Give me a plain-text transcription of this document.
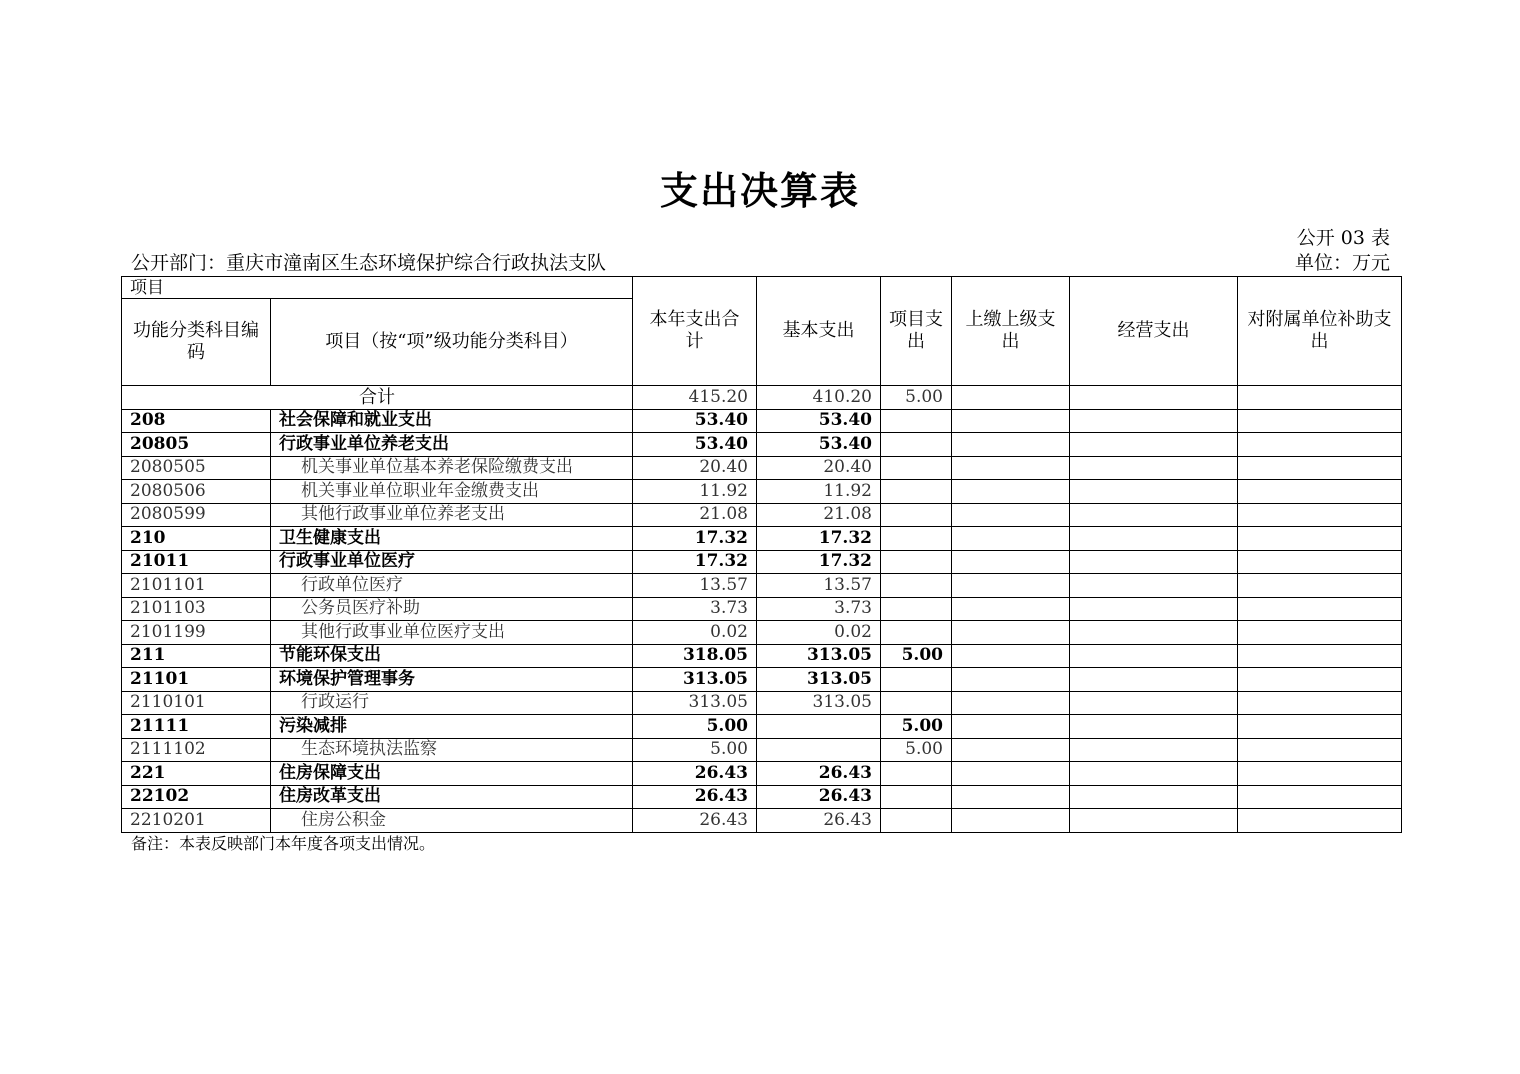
支出决算表
公开 03 表
公开部门：重庆市潼南区生态环境保护综合行政执法支队	单位：万元
项目		本年支出合计	基本支出	项目支出	上缴上级支出	经营支出	对附属单位补助支出
功能分类科目编码	项目（按“项”级功能分类科目）						
合计		415.20	410.20	5.00			
208	社会保障和就业支出	53.40	53.40				
20805	行政事业单位养老支出	53.40	53.40				
2080505	机关事业单位基本养老保险缴费支出	20.40	20.40				
2080506	机关事业单位职业年金缴费支出	11.92	11.92				
2080599	其他行政事业单位养老支出	21.08	21.08				
210	卫生健康支出	17.32	17.32				
21011	行政事业单位医疗	17.32	17.32				
2101101	行政单位医疗	13.57	13.57				
2101103	公务员医疗补助	3.73	3.73				
2101199	其他行政事业单位医疗支出	0.02	0.02				
211	节能环保支出	318.05	313.05	5.00			
21101	环境保护管理事务	313.05	313.05				
2110101	行政运行	313.05	313.05				
21111	污染减排	5.00		5.00			
2111102	生态环境执法监察	5.00		5.00			
221	住房保障支出	26.43	26.43				
22102	住房改革支出	26.43	26.43				
2210201	住房公积金	26.43	26.43				
备注：本表反映部门本年度各项支出情况。
